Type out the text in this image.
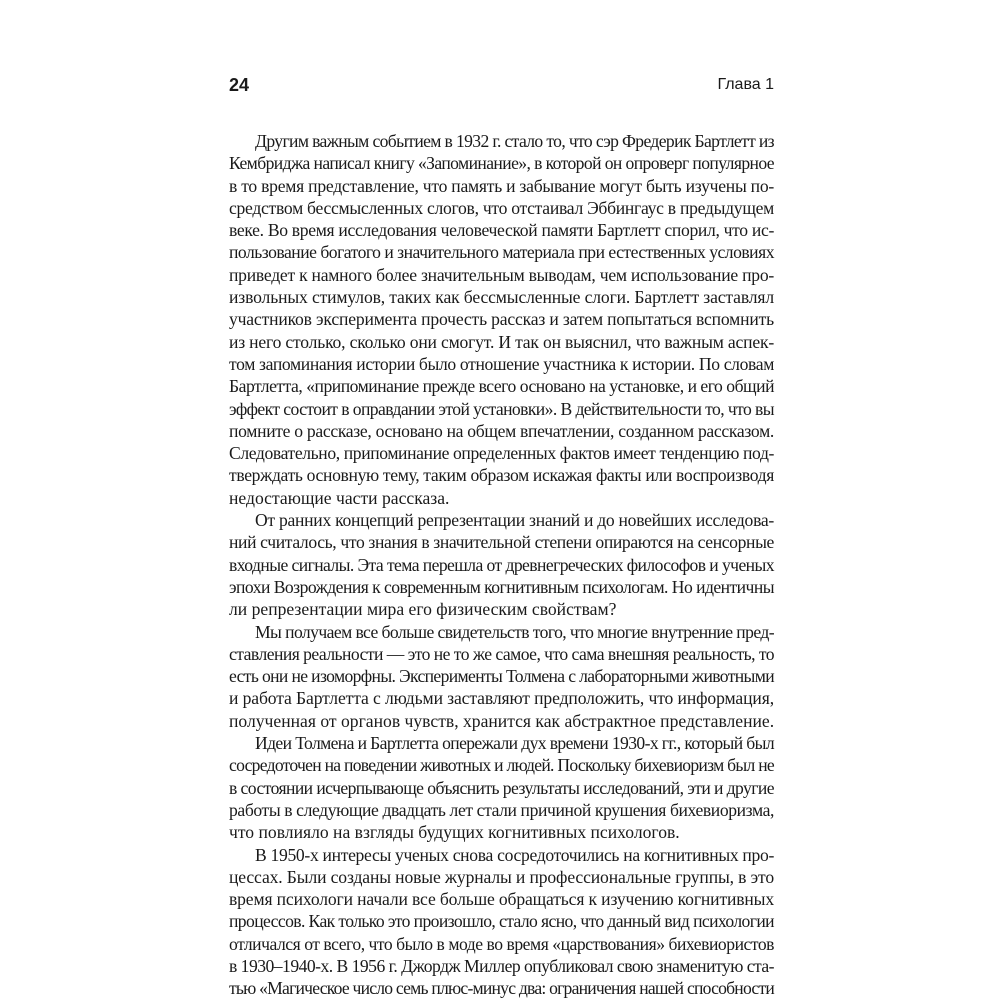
24	Глава 1
Другим важным событием в 1932 г. стало то, что сэр Фредерик Бартлетт из
Кембриджа написал книгу «Запоминание», в которой он опроверг популярное
в то время представление, что память и забывание могут быть изучены по-
средством бессмысленных слогов, что отстаивал Эббингаус в предыдущем
веке. Во время исследования человеческой памяти Бартлетт спорил, что ис-
пользование богатого и значительного материала при естественных условиях
приведет к намного более значительным выводам, чем использование про-
извольных стимулов, таких как бессмысленные слоги. Бартлетт заставлял
участников эксперимента прочесть рассказ и затем попытаться вспомнить
из него столько, сколько они смогут. И так он выяснил, что важным аспек-
том запоминания истории было отношение участника к истории. По словам
Бартлетта, «припоминание прежде всего основано на установке, и его общий
эффект состоит в оправдании этой установки». В действительности то, что вы
помните о рассказе, основано на общем впечатлении, созданном рассказом.
Следовательно, припоминание определенных фактов имеет тенденцию под-
тверждать основную тему, таким образом искажая факты или воспроизводя
недостающие части рассказа.
От ранних концепций репрезентации знаний и до новейших исследова-
ний считалось, что знания в значительной степени опираются на сенсорные
входные сигналы. Эта тема перешла от древнегреческих философов и ученых
эпохи Возрождения к современным когнитивным психологам. Но идентичны
ли репрезентации мира его физическим свойствам?
Мы получаем все больше свидетельств того, что многие внутренние пред-
ставления реальности — это не то же самое, что сама внешняя реальность, то
есть они не изоморфны. Эксперименты Толмена с лабораторными животными
и работа Бартлетта с людьми заставляют предположить, что информация,
полученная от органов чувств, хранится как абстрактное представление.
Идеи Толмена и Бартлетта опережали дух времени 1930-х гг., который был
сосредоточен на поведении животных и людей. Поскольку бихевиоризм был не
в состоянии исчерпывающе объяснить результаты исследований, эти и другие
работы в следующие двадцать лет стали причиной крушения бихевиоризма,
что повлияло на взгляды будущих когнитивных психологов.
В 1950-х интересы ученых снова сосредоточились на когнитивных про-
цессах. Были созданы новые журналы и профессиональные группы, в это
время психологи начали все больше обращаться к изучению когнитивных
процессов. Как только это произошло, стало ясно, что данный вид психологии
отличался от всего, что было в моде во время «царствования» бихевиористов
в 1930–1940-х. В 1956 г. Джордж Миллер опубликовал свою знаменитую ста-
тью «Магическое число семь плюс-минус два: ограничения нашей способности
